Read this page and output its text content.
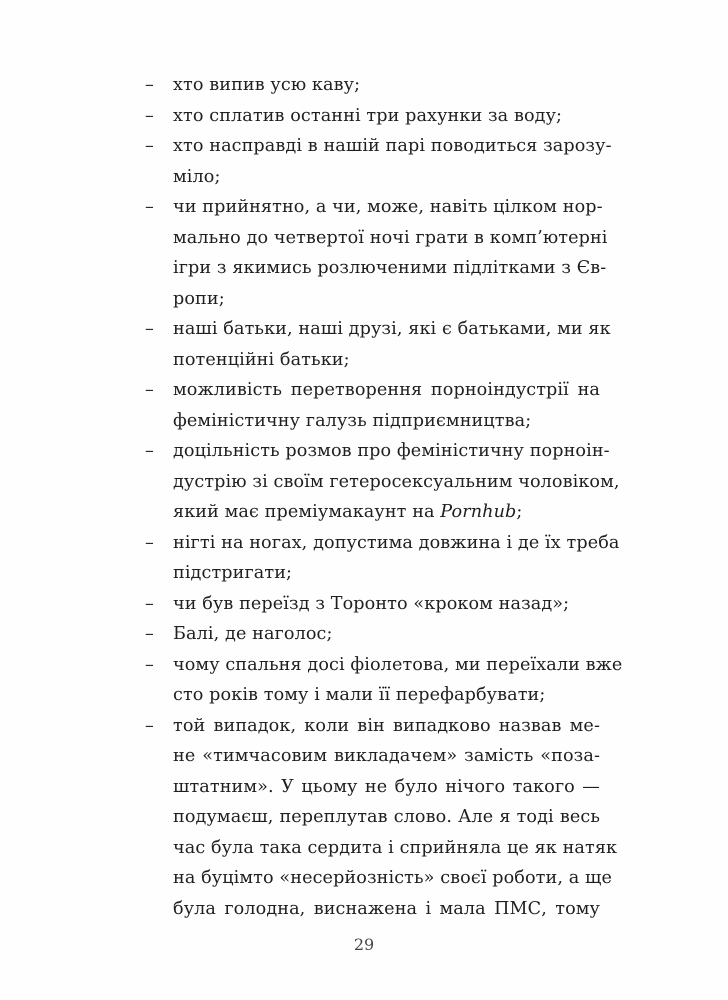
– хто випив усю каву;
– хто сплатив останні три рахунки за воду;
– хто насправді в нашій парі поводиться зарозу-
міло;
– чи прийнятно, а чи, може, навіть цілком нор-
мально до четвертої ночі грати в комп’ютерні
ігри з якимись розлюченими підлітками з Єв-
ропи;
– наші батьки, наші друзі, які є батьками, ми як
потенційні батьки;
– можливість перетворення порноіндустрії на
феміністичну галузь підприємництва;
– доцільність розмов про феміністичну порноін-
дустрію зі своїм гетеросексуальним чоловіком,
який має преміумакаунт на Pornhub;
– нігті на ногах, допустима довжина і де їх треба
підстригати;
– чи був переїзд з Торонто «кроком назад»;
– Балі, де наголос;
– чому спальня досі фіолетова, ми переїхали вже
сто років тому і мали її перефарбувати;
– той випадок, коли він випадково назвав ме-
не «тимчасовим викладачем» замість «поза-
штатним». У цьому не було нічого такого —
подумаєш, переплутав слово. Але я тоді весь
час була така сердита і сприйняла це як натяк
на буцімто «несерйозність» своєї роботи, а ще
була голодна, виснажена і мала ПМС, тому
29
